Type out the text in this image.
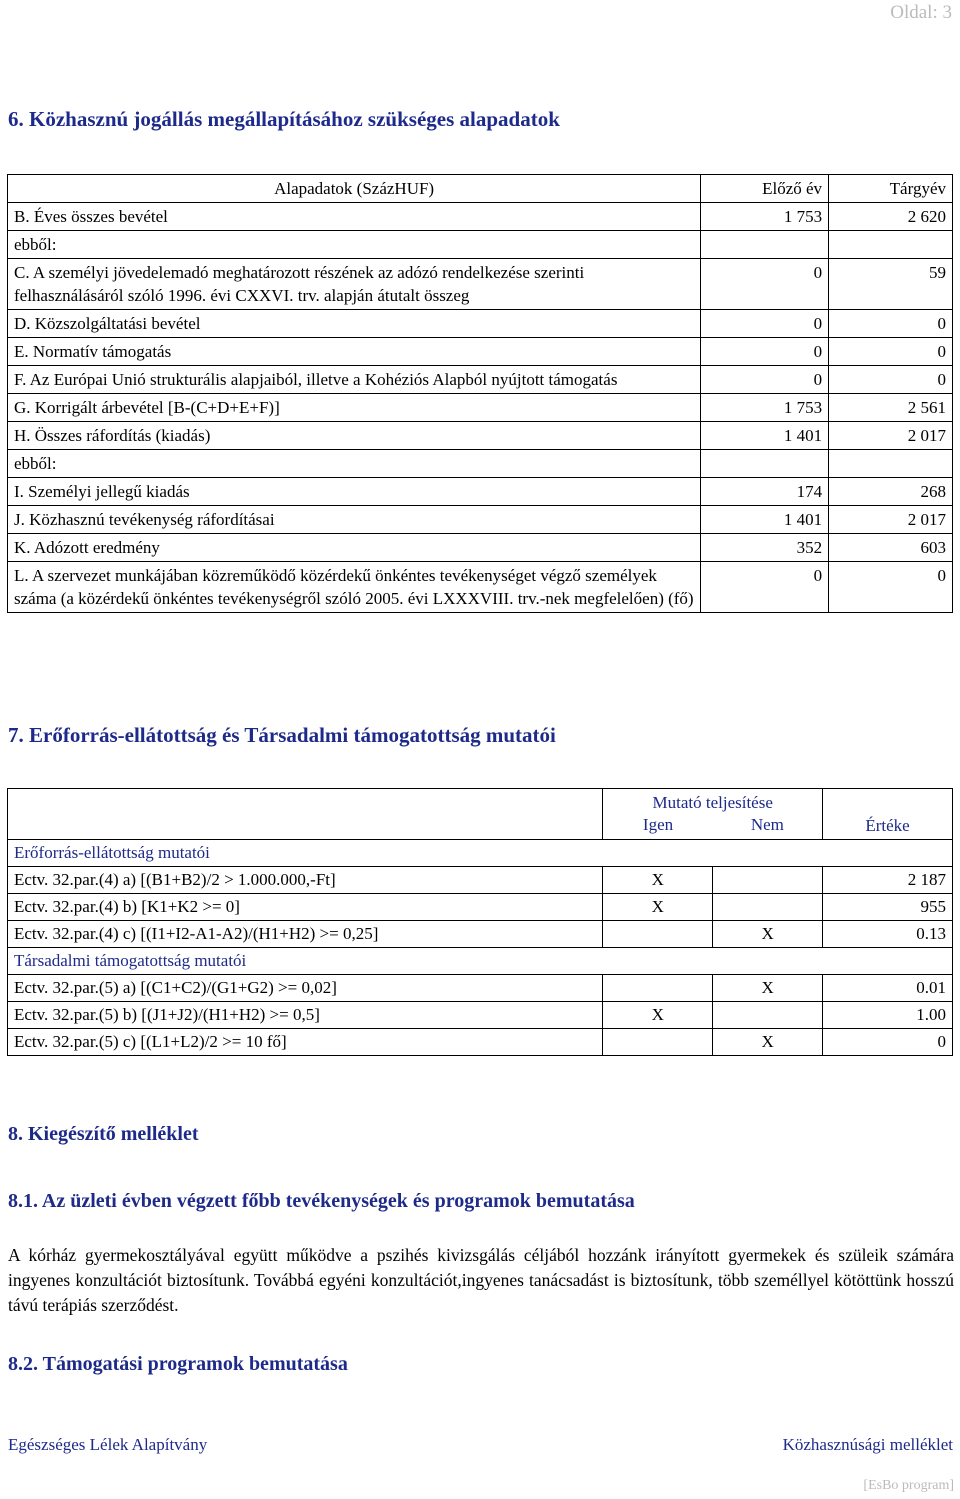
Oldal: 3
6. Közhasznú jogállás megállapításához szükséges alapadatok
Alapadatok (SzázHUF)	Előző év	Tárgyév
B. Éves összes bevétel	1 753	2 620
ebből:		
C. A személyi jövedelemadó meghatározott részének az adózó rendelkezése szerinti felhasználásáról szóló 1996. évi CXXVI. trv. alapján átutalt összeg	0	59
D. Közszolgáltatási bevétel	0	0
E. Normatív támogatás	0	0
F. Az Európai Unió strukturális alapjaiból, illetve a Kohéziós Alapból nyújtott támogatás	0	0
G. Korrigált árbevétel [B-(C+D+E+F)]	1 753	2 561
H. Összes ráfordítás (kiadás)	1 401	2 017
ebből:		
I. Személyi jellegű kiadás	174	268
J. Közhasznú tevékenység ráfordításai	1 401	2 017
K. Adózott eredmény	352	603
L. A szervezet munkájában közreműködő közérdekű önkéntes tevékenységet végző személyek száma (a közérdekű önkéntes tevékenységről szóló 2005. évi LXXXVIII. trv.-nek megfelelően) (fő)	0	0
7. Erőforrás-ellátottság és Társadalmi támogatottság mutatói

	Mutató teljesítése
Igen Nem		Értéke
Erőforrás-ellátottság mutatói			
Ectv. 32.par.(4) a) [(B1+B2)/2 > 1.000.000,-Ft]	X		2 187
Ectv. 32.par.(4) b) [K1+K2 >= 0]	X		955
Ectv. 32.par.(4) c) [(I1+I2-A1-A2)/(H1+H2) >= 0,25]		X	0.13
Társadalmi támogatottság mutatói			
Ectv. 32.par.(5) a) [(C1+C2)/(G1+G2) >= 0,02]		X	0.01
Ectv. 32.par.(5) b) [(J1+J2)/(H1+H2) >= 0,5]	X		1.00
Ectv. 32.par.(5) c) [(L1+L2)/2 >= 10 fő]		X	0
8. Kiegészítő melléklet
8.1. Az üzleti évben végzett főbb tevékenységek és programok bemutatása

A kórház gyermekosztályával együtt működve a pszihés kivizsgálás céljából hozzánk irányított gyermekek és szüleik számára ingyenes konzultációt biztosítunk. Továbbá egyéni konzultációt,ingyenes tanácsadást is biztosítunk, több személlyel kötöttünk hosszú távú terápiás szerződést.

8.2. Támogatási programok bemutatása
Egészséges Lélek Alapítvány	Közhasznúsági melléklet
[EsBo program]
